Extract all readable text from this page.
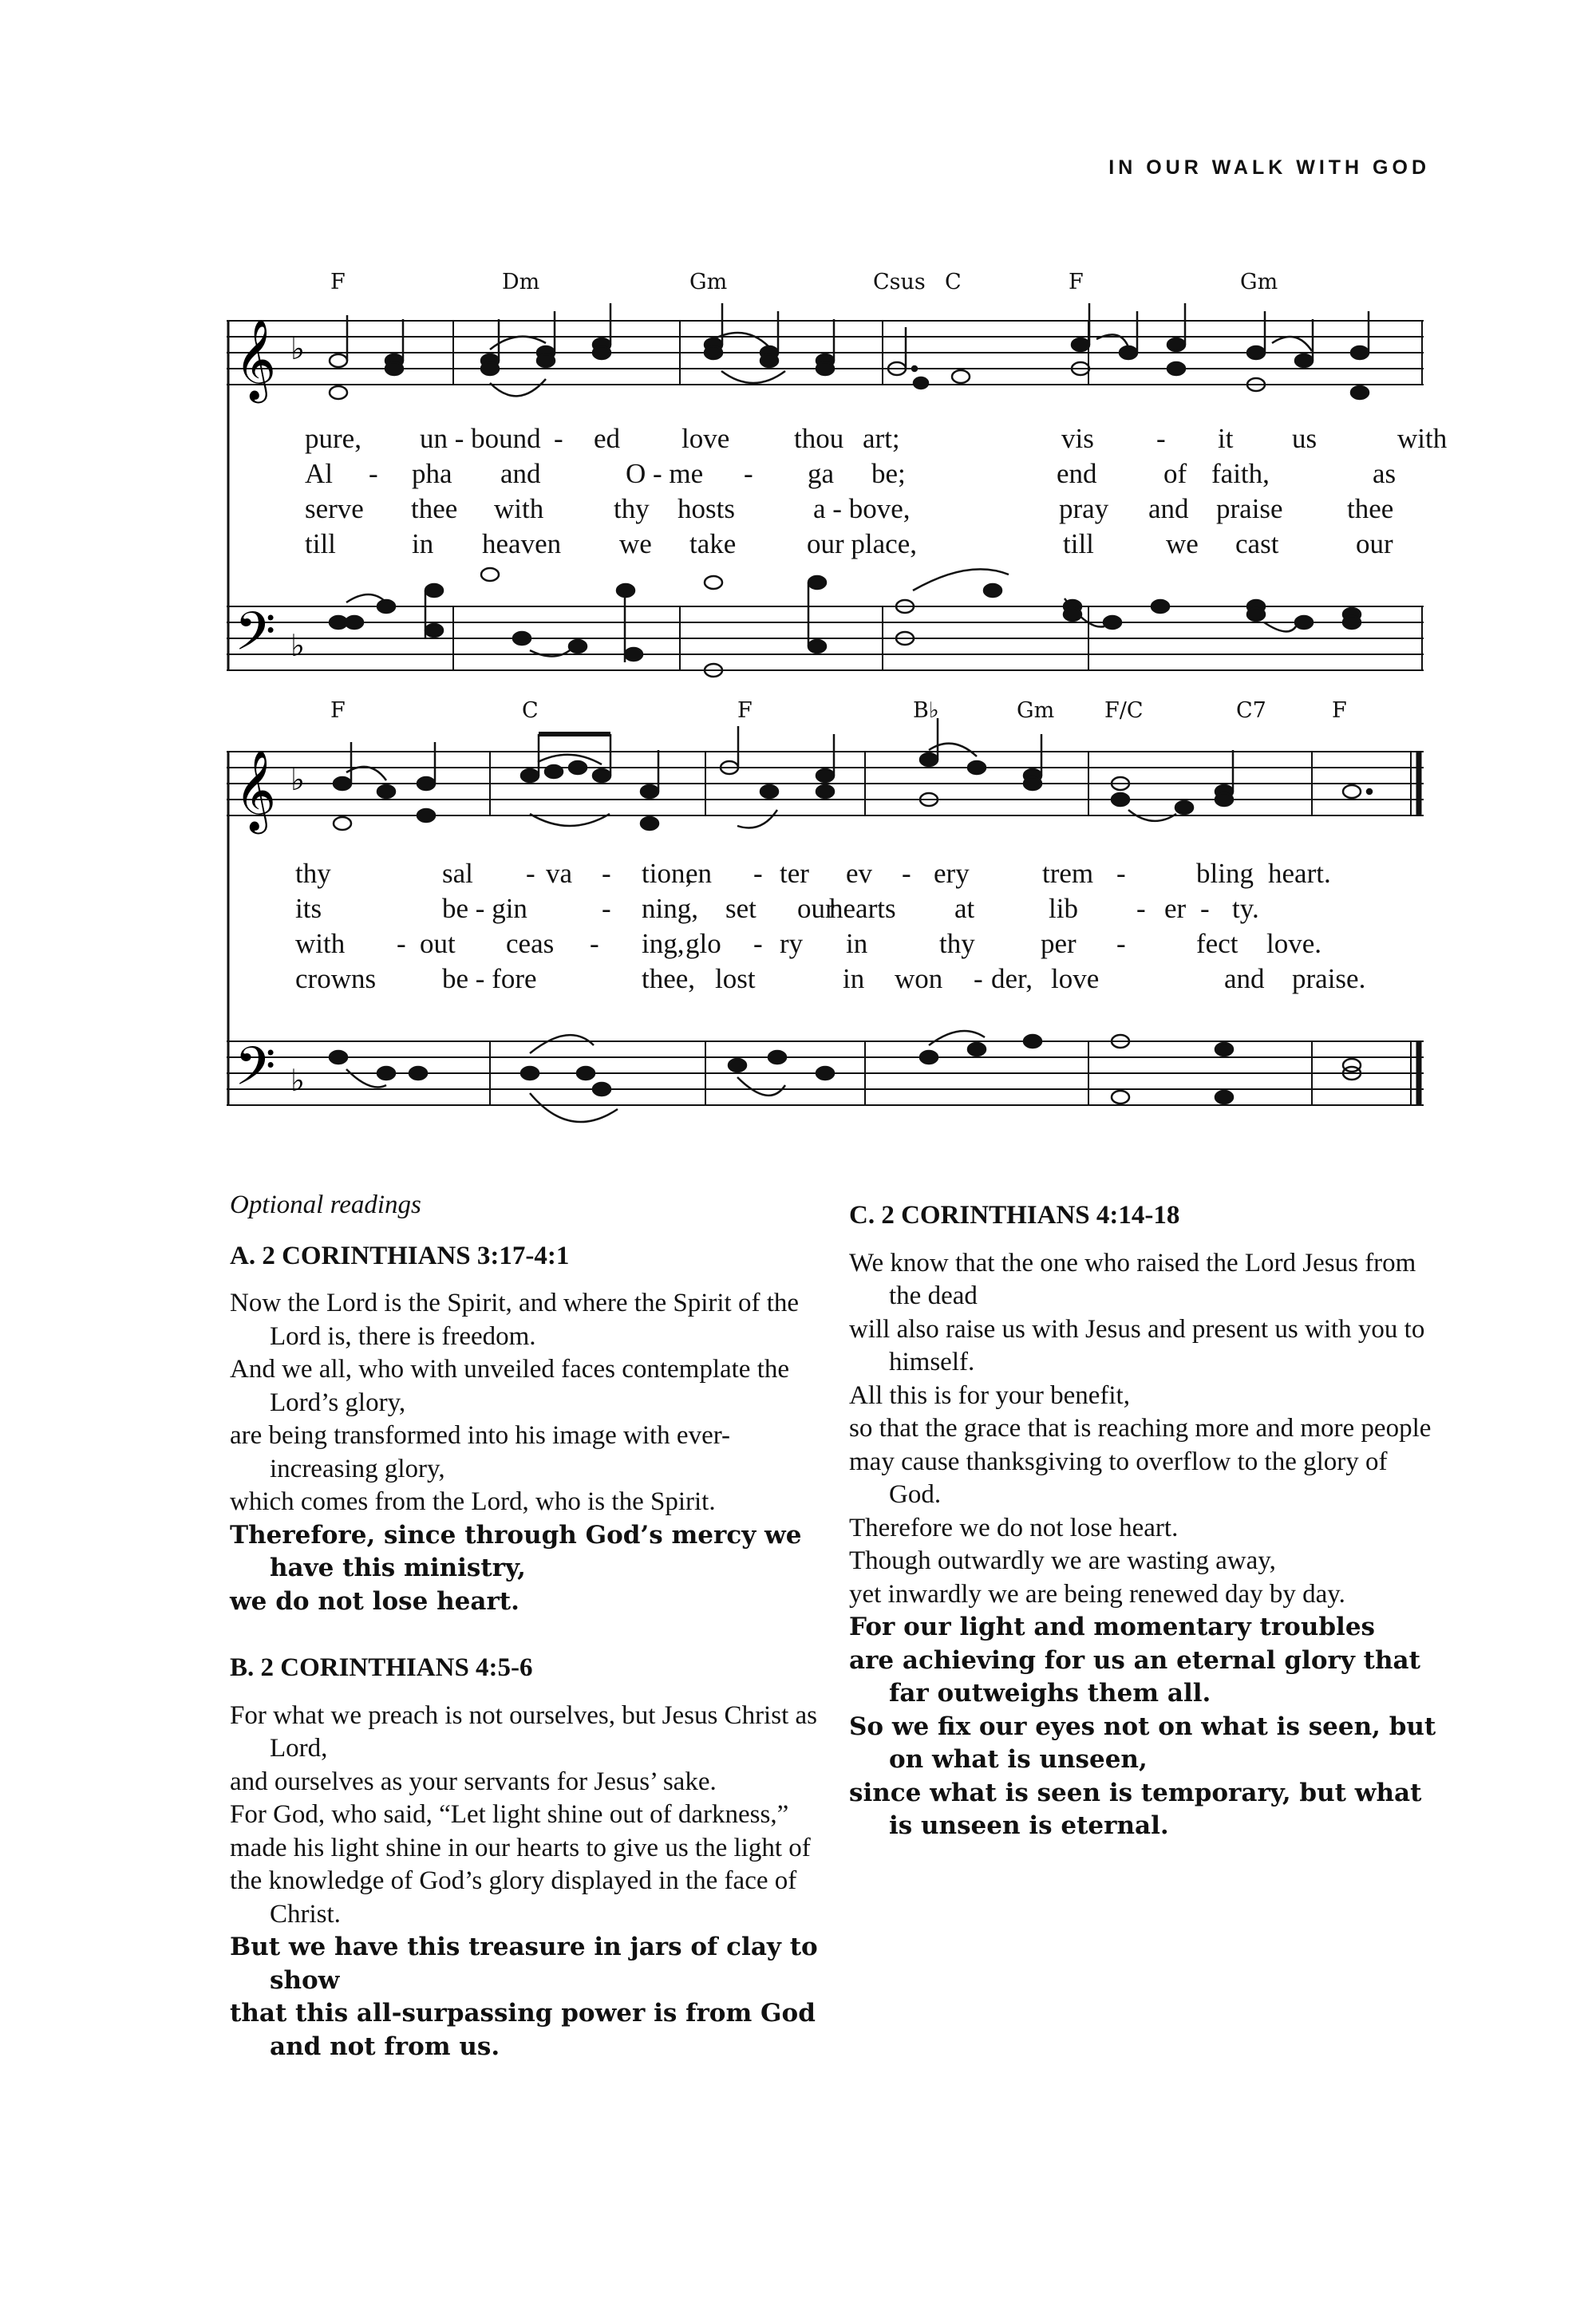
IN OUR WALK WITH GOD
F	Dm	Gm	Csus C	F	Gm
𝄞
𝄢
♭
♭
pure, un - bound - ed love thou art;	vis - it us	with
Al - pha and	O - me - ga be;	end of faith,	as
serve thee with	thy hosts	a - bove,	pray and praise thee
till	in heaven we take	our place,	till	we cast	our
F	C	F	B♭	Gm F/C	C7	F
𝄞
𝄢
♭
♭
thy	sal - va - tion,
en - ter ev - ery	trem -	bling heart.
its	be - gin	- ning, set our
hearts at	lib - er - ty.
with - out ceas - ing, glo - ry in	thy per -	fect love.
crowns be - fore	thee, lost	in won - der, love	and praise.
Optional readings
A. 2 CORINTHIANS 3:17-4:1
Now the Lord is the Spirit, and where the Spirit of the Lord is, there is freedom.
And we all, who with unveiled faces contemplate the Lord’s glory,
are being transformed into his image with ever-increasing glory,
which comes from the Lord, who is the Spirit.
Therefore, since through God’s mercy we have this ministry,
we do not lose heart.
B. 2 CORINTHIANS 4:5-6
For what we preach is not ourselves, but Jesus Christ as Lord,
and ourselves as your servants for Jesus’ sake.
For God, who said, “Let light shine out of darkness,”
made his light shine in our hearts to give us the light of
the knowledge of God’s glory displayed in the face of Christ.
But we have this treasure in jars of clay to show
that this all-surpassing power is from God and not from us.
C. 2 CORINTHIANS 4:14-18
We know that the one who raised the Lord Jesus from the dead
will also raise us with Jesus and present us with you to himself.
All this is for your benefit,
so that the grace that is reaching more and more people
may cause thanksgiving to overflow to the glory of God.
Therefore we do not lose heart.
Though outwardly we are wasting away,
yet inwardly we are being renewed day by day.
For our light and momentary troubles
are achieving for us an eternal glory that far outweighs them all.
So we fix our eyes not on what is seen, but on what is unseen,
since what is seen is temporary, but what is unseen is eternal.
